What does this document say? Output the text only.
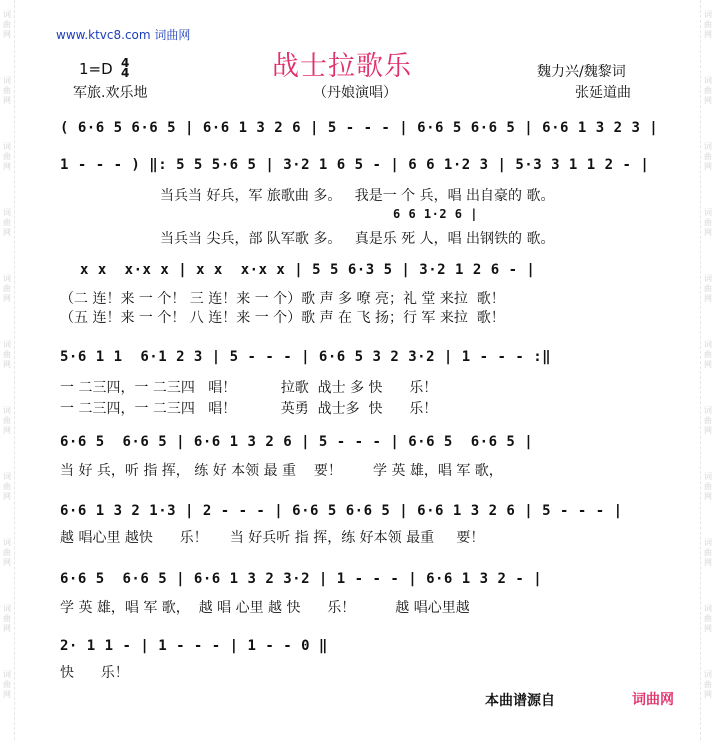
词
曲
网
词
曲
网
词
曲
网
词
曲
网
词
曲
网
词
曲
网
词
曲
网
词
曲
网
词
曲
网
词
曲
网
词
曲
网
词
曲
网
词
曲
网
词
曲
网
词
曲
网
词
曲
网
词
曲
网
词
曲
网
词
曲
网
词
曲
网
词
曲
网
词
曲
网
www.ktvc8.com 词曲网
战士拉歌乐
1=D 4
4
军旅.欢乐地	（丹娘演唱）
魏力兴/魏黎词
张延道曲
( 6·6 5 6·6 5 | 6·6 1 3 2 6 | 5 - - - | 6·6 5 6·6 5 | 6·6 1 3 2 3 |
1 - - - ) ‖: 5 5 5·6 5 | 3·2 1 6 5 - | 6 6 1·2 3 | 5·3 3 1 1 2 - |
当兵当 好兵，军 旅歌曲 多。   我是一 个 兵，唱 出自豪的 歌。
6 6 1·2 6 |
当兵当 尖兵，部 队军歌 多。   真是乐 死 人，唱 出钢铁的 歌。
x x  x·x x | x x  x·x x | 5 5 6·3 5 | 3·2 1 2 6 - |
（二 连！来 一 个！ 三 连！来 一 个）歌 声 多 嘹 亮；礼 堂 来拉  歌！
（五 连！来 一 个！ 八 连！来 一 个）歌 声 在 飞 扬；行 军 来拉  歌！
5·6 1 1  6·1 2 3 | 5 - - - | 6·6 5 3 2 3·2 | 1 - - - :‖
一 二三四，一 二三四   唱！          拉歌  战士 多 快      乐！
一 二三四，一 二三四   唱！          英勇  战士多  快      乐！
6·6 5  6·6 5 | 6·6 1 3 2 6 | 5 - - - | 6·6 5  6·6 5 |
当 好 兵，听 指 挥， 练 好 本领 最 重    要！       学 英 雄，唱 军 歌，
6·6 1 3 2 1·3 | 2 - - - | 6·6 5 6·6 5 | 6·6 1 3 2 6 | 5 - - - |
越 唱心里 越快      乐！     当 好兵听 指 挥，练 好本领 最重     要！
6·6 5  6·6 5 | 6·6 1 3 2 3·2 | 1 - - - | 6·6 1 3 2 - |
学 英 雄，唱 军 歌，  越 唱 心里 越 快      乐！         越 唱心里越
2· 1 1 - | 1 - - - | 1 - - 0 ‖
快      乐！
本曲谱源自	词曲网
